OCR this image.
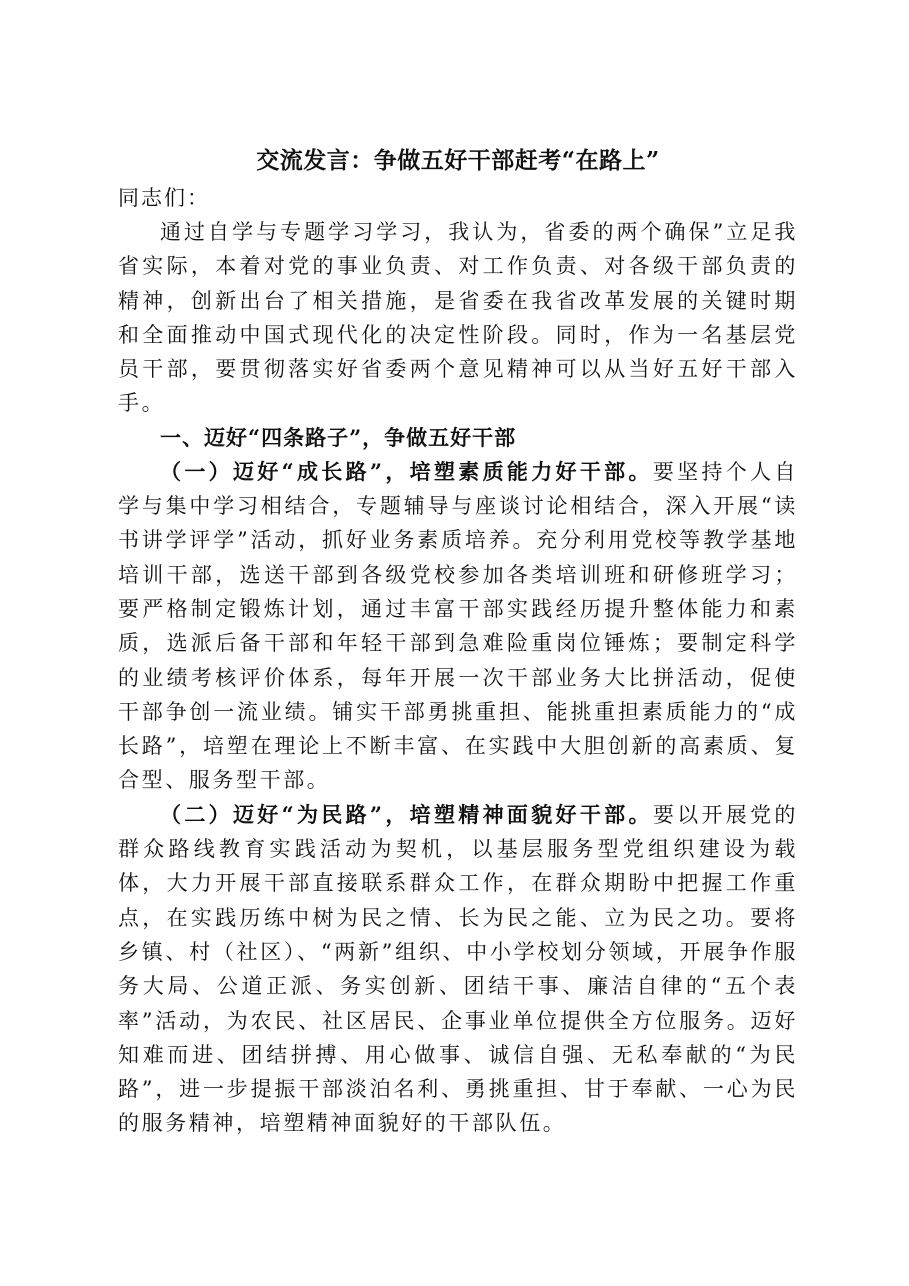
交流发言：争做五好干部赶考“在路上”

同志们：

通过自学与专题学习学习，我认为，省委的两个确保”立足我省实际，本着对党的事业负责、对工作负责、对各级干部负责的精神，创新出台了相关措施，是省委在我省改革发展的关键时期和全面推动中国式现代化的决定性阶段。同时，作为一名基层党员干部，要贯彻落实好省委两个意见精神可以从当好五好干部入手。

一、迈好“四条路子”，争做五好干部

（一）迈好“成长路”，培塑素质能力好干部。要坚持个人自学与集中学习相结合，专题辅导与座谈讨论相结合，深入开展“读书讲学评学”活动，抓好业务素质培养。充分利用党校等教学基地培训干部，选送干部到各级党校参加各类培训班和研修班学习；要严格制定锻炼计划，通过丰富干部实践经历提升整体能力和素质，选派后备干部和年轻干部到急难险重岗位锤炼；要制定科学的业绩考核评价体系，每年开展一次干部业务大比拼活动，促使干部争创一流业绩。铺实干部勇挑重担、能挑重担素质能力的“成长路”，培塑在理论上不断丰富、在实践中大胆创新的高素质、复合型、服务型干部。

（二）迈好“为民路”，培塑精神面貌好干部。要以开展党的群众路线教育实践活动为契机，以基层服务型党组织建设为载体，大力开展干部直接联系群众工作，在群众期盼中把握工作重点，在实践历练中树为民之情、长为民之能、立为民之功。要将乡镇、村（社区）、“两新”组织、中小学校划分领域，开展争作服务大局、公道正派、务实创新、团结干事、廉洁自律的“五个表率”活动，为农民、社区居民、企事业单位提供全方位服务。迈好知难而进、团结拼搏、用心做事、诚信自强、无私奉献的“为民路”，进一步提振干部淡泊名利、勇挑重担、甘于奉献、一心为民的服务精神，培塑精神面貌好的干部队伍。
